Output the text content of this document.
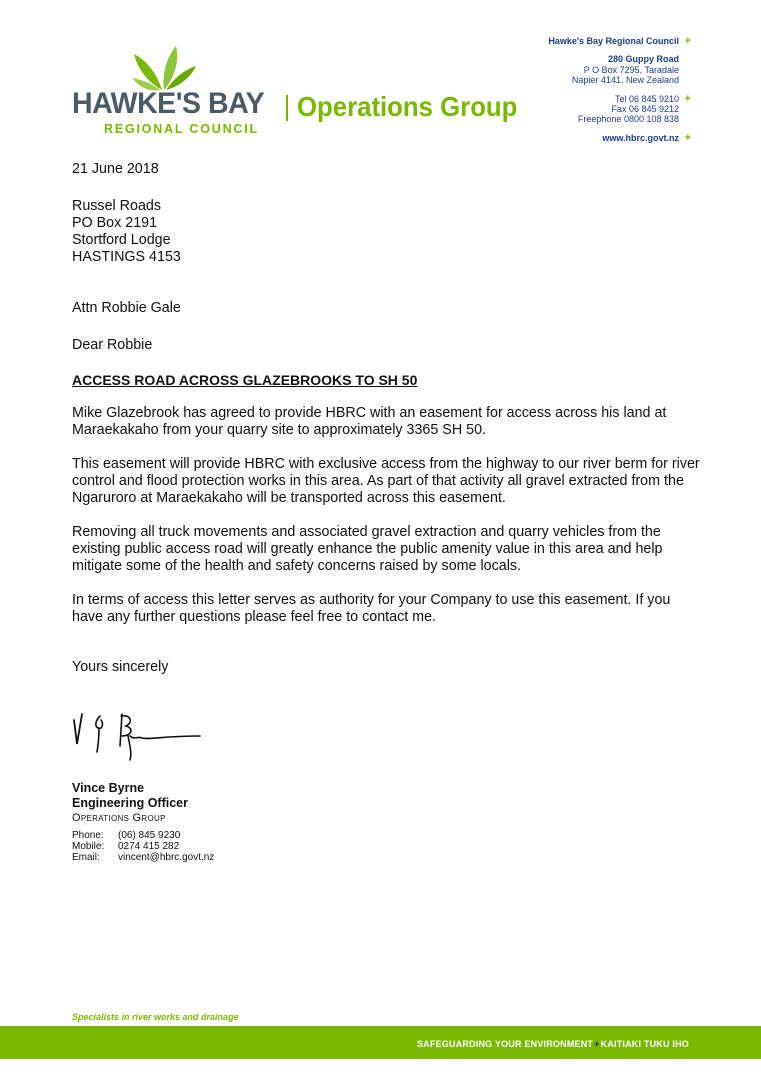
HAWKE'S BAY Operations Group
REGIONAL COUNCIL
Hawke's Bay Regional Council +
280 Guppy Road
P O Box 7295, Taradale
Napier 4141, New Zealand
Tel 06 845 9210 +
Fax 06 845 9212
Freephone 0800 108 838
www.hbrc.govt.nz +
21 June 2018
Russel Roads
PO Box 2191
Stortford Lodge
HASTINGS 4153
Attn Robbie Gale
Dear Robbie
ACCESS ROAD ACROSS GLAZEBROOKS TO SH 50
Mike Glazebrook has agreed to provide HBRC with an easement for access across his land at Maraekakaho from your quarry site to approximately 3365 SH 50.
This easement will provide HBRC with exclusive access from the highway to our river berm for river control and flood protection works in this area. As part of that activity all gravel extracted from the Ngaruroro at Maraekakaho will be transported across this easement.
Removing all truck movements and associated gravel extraction and quarry vehicles from the existing public access road will greatly enhance the public amenity value in this area and help mitigate some of the health and safety concerns raised by some locals.
In terms of access this letter serves as authority for your Company to use this easement. If you have any further questions please feel free to contact me.
Yours sincerely
Vince Byrne
Engineering Officer
Operations Group
Phone: (06) 845 9230
Mobile: 0274 415 282
Email: vincent@hbrc.govt.nz
Specialists in river works and drainage
SAFEGUARDING YOUR ENVIRONMENT+KAITIAKI TUKU IHO
